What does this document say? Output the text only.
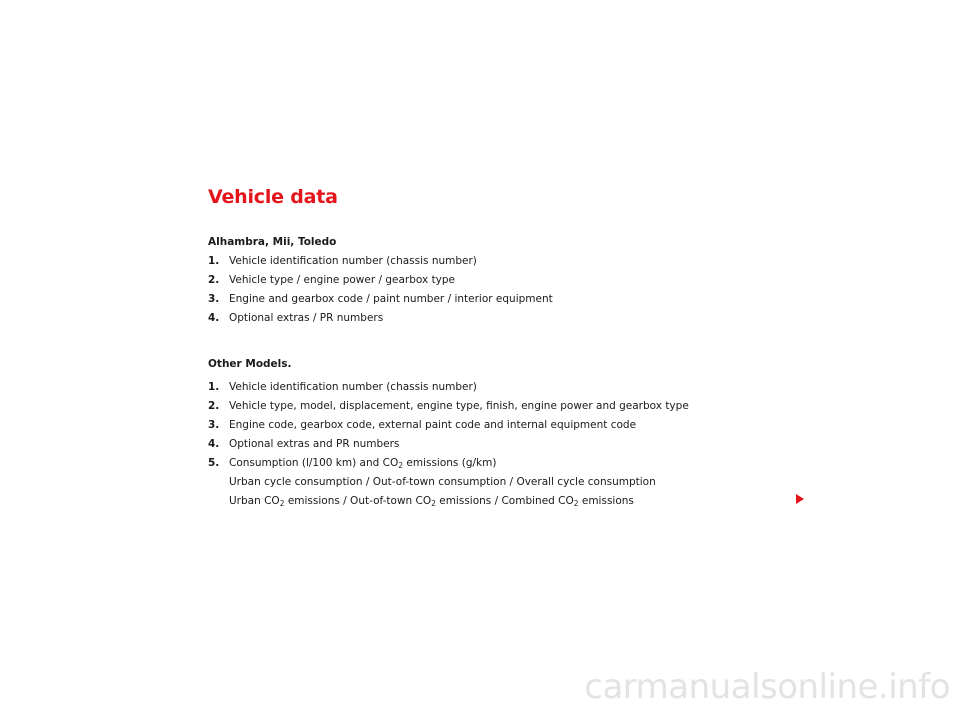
Vehicle data

Alhambra, Mii, Toledo

1. Vehicle identification number (chassis number)
2. Vehicle type / engine power / gearbox type
3. Engine and gearbox code / paint number / interior equipment
4. Optional extras / PR numbers

Other Models.

1. Vehicle identification number (chassis number)
2. Vehicle type, model, displacement, engine type, finish, engine power and gearbox type
3. Engine code, gearbox code, external paint code and internal equipment code
4. Optional extras and PR numbers
5. Consumption (l/100 km) and $CO_2$ emissions (g/km)
Urban cycle consumption / Out-of-town consumption / Overall cycle consumption
Urban $CO_2$ emissions / Out-of-town $CO_2$ emissions / Combined $CO_2$ emissions
carmanualsonline.info
